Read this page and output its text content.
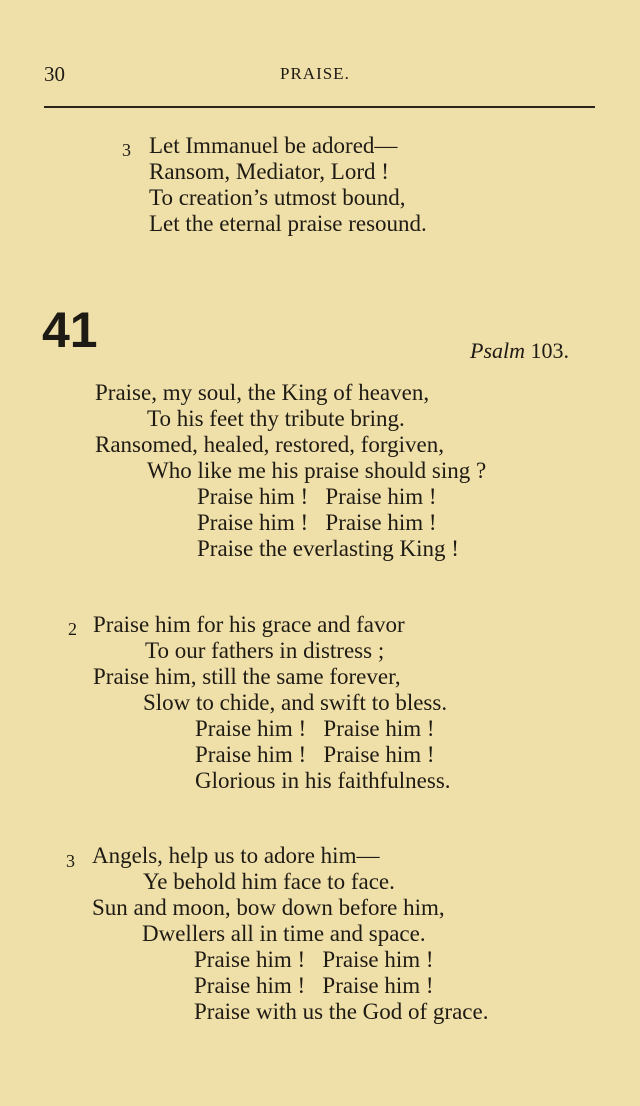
30	PRAISE.
3 Let Immanuel be adored—
Ransom, Mediator, Lord !
To creation’s utmost bound,
Let the eternal praise resound.
41	Psalm 103.
Praise, my soul, the King of heaven,
To his feet thy tribute bring.
Ransomed, healed, restored, forgiven,
Who like me his praise should sing ?
Praise him !   Praise him !
Praise him !   Praise him !
Praise the everlasting King !
2 Praise him for his grace and favor
To our fathers in distress ;
Praise him, still the same forever,
Slow to chide, and swift to bless.
Praise him !   Praise him !
Praise him !   Praise him !
Glorious in his faithfulness.
3 Angels, help us to adore him—
Ye behold him face to face.
Sun and moon, bow down before him,
Dwellers all in time and space.
Praise him !   Praise him !
Praise him !   Praise him !
Praise with us the God of grace.
